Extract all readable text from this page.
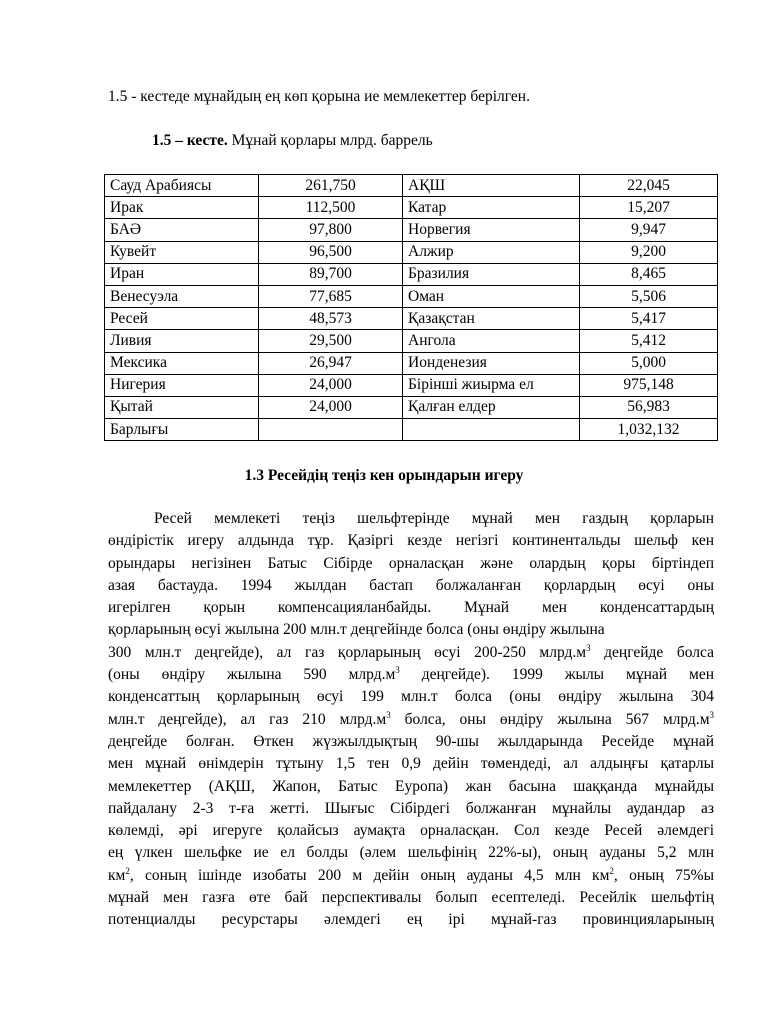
1.5 - кестеде мұнайдың ең көп қорына ие мемлекеттер берілген.
1.5 – кесте. Мұнай қорлары млрд. баррель
Сауд Арабиясы	261,750	АҚШ	22,045
Ирак	112,500	Катар	15,207
БАӘ	97,800	Норвегия	9,947
Кувейт	96,500	Алжир	9,200
Иран	89,700	Бразилия	8,465
Венесуэла	77,685	Оман	5,506
Ресей	48,573	Қазақстан	5,417
Ливия	29,500	Ангола	5,412
Мексика	26,947	Ионденезия	5,000
Нигерия	24,000	Бірінші жиырма ел	975,148
Қытай	24,000	Қалған елдер	56,983
Барлығы			1,032,132
1.3 Ресейдің теңіз кен орындарын игеру
Ресей мемлекеті теңіз шельфтерінде мұнай мен газдың қорларын
өндірістік игеру алдында тұр. Қазіргі кезде негізгі континентальды шельф кен
орындары негізінен Батыс Сібірде орналасқан және олардың қоры біртіндеп
азая бастауда. 1994 жылдан бастап болжаланған қорлардың өсуі оны
игерілген қорын компенсацияланбайды. Мұнай мен конденсаттардың
қорларының өсуі жылына 200 млн.т деңгейінде болса (оны өндіру жылына
300 млн.т деңгейде), ал газ қорларының өсуі 200-250 $млрд.м^3$ деңгейде болса
(оны өндіру жылына 590 $млрд.м^3$ деңгейде). 1999 жылы мұнай мен
конденсаттың қорларының өсуі 199 млн.т болса (оны өндіру жылына 304
млн.т деңгейде), ал газ 210 $млрд.м^3$ болса, оны өндіру жылына 567 $млрд.м^3$
деңгейде болған. Өткен жүзжылдықтың 90-шы жылдарында Ресейде мұнай
мен мұнай өнімдерін тұтыну 1,5 тен 0,9 дейін төмендеді, ал алдыңғы қатарлы
мемлекеттер (АҚШ, Жапон, Батыс Еуропа) жан басына шаққанда мұнайды
пайдалану 2-3 т-ға жетті. Шығыс Сібірдегі болжанған мұнайлы аудандар аз
көлемді, әрі игеруге қолайсыз аумақта орналасқан. Сол кезде Ресей әлемдегі
ең үлкен шельфке ие ел болды (әлем шельфінің 22%-ы), оның ауданы 5,2 млн
$км^2$, соның ішінде изобаты 200 м дейін оның ауданы 4,5 млн $км^2$, оның 75%ы
мұнай мен газға өте бай перспективалы болып есептеледі. Ресейлік шельфтің
потенциалды ресурстары әлемдегі ең ірі мұнай-газ провинцияларының
